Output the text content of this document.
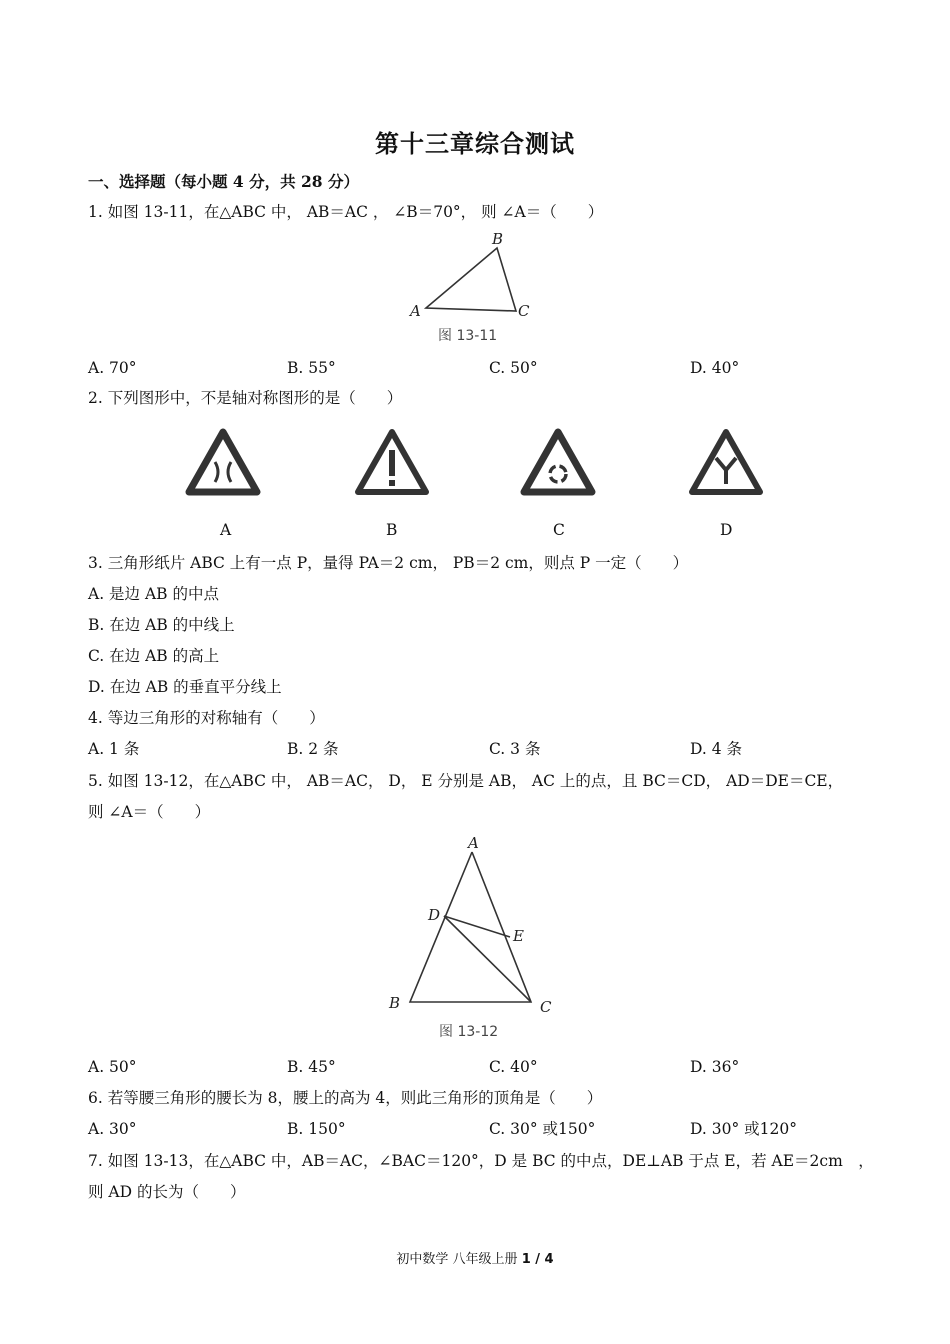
第十三章综合测试
一、选择题（每小题 4 分，共 28 分）
1. 如图 13-11，在△ABC 中， AB＝AC ， ∠B＝70°， 则 ∠A＝（　　）
B
A	C
图 13-11
A. 70°	B. 55°	C. 50°	D. 40°
2. 下列图形中，不是轴对称图形的是（　　）
A	B	C	D
3. 三角形纸片 ABC 上有一点 P，量得 PA＝2 cm， PB＝2 cm，则点 P 一定（　　）
A. 是边 AB 的中点
B. 在边 AB 的中线上
C. 在边 AB 的高上
D. 在边 AB 的垂直平分线上
4. 等边三角形的对称轴有（　　）
A. 1 条	B. 2 条	C. 3 条	D. 4 条
5. 如图 13-12，在△ABC 中， AB＝AC， D， E 分别是 AB， AC 上的点，且 BC＝CD， AD＝DE＝CE，
则 ∠A＝（　　）
A
D
E
B	C
图 13-12
A. 50°	B. 45°	C. 40°	D. 36°
6. 若等腰三角形的腰长为 8，腰上的高为 4，则此三角形的顶角是（　　）
A. 30°	B. 150°	C. 30° 或150°	D. 30° 或120°
7. 如图 13-13，在△ABC 中，AB＝AC，∠BAC＝120°，D 是 BC 的中点，DE⊥AB 于点 E，若 AE＝2cm　，
则 AD 的长为（　　）
初中数学 八年级上册 1 / 4
